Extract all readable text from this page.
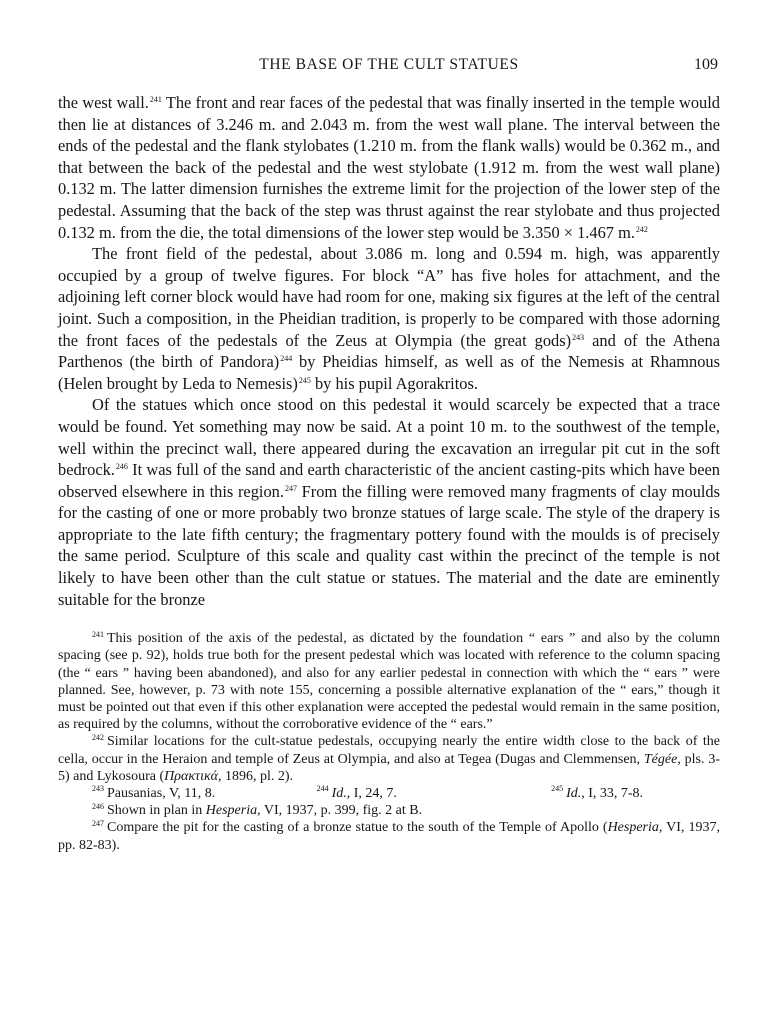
THE BASE OF THE CULT STATUES	109

the west wall.$^{241}$ The front and rear faces of the pedestal that was finally inserted in the temple would then lie at distances of 3.246 m. and 2.043 m. from the west wall plane. The interval between the ends of the pedestal and the flank stylobates (1.210 m. from the flank walls) would be 0.362 m., and that between the back of the pedestal and the west stylobate (1.912 m. from the west wall plane) 0.132 m. The latter dimension furnishes the extreme limit for the projection of the lower step of the pedestal. Assuming that the back of the step was thrust against the rear stylobate and thus projected 0.132 m. from the die, the total dimensions of the lower step would be 3.350 × 1.467 m.$^{242}$

The front field of the pedestal, about 3.086 m. long and 0.594 m. high, was apparently occupied by a group of twelve figures. For block “A” has five holes for attachment, and the adjoining left corner block would have had room for one, making six figures at the left of the central joint. Such a composition, in the Pheidian tradition, is properly to be compared with those adorning the front faces of the pedestals of the Zeus at Olympia (the great gods)$^{243}$ and of the Athena Parthenos (the birth of Pandora)$^{244}$ by Pheidias himself, as well as of the Nemesis at Rhamnous (Helen brought by Leda to Nemesis)$^{245}$ by his pupil Agorakritos.

Of the statues which once stood on this pedestal it would scarcely be expected that a trace would be found. Yet something may now be said. At a point 10 m. to the southwest of the temple, well within the precinct wall, there appeared during the excavation an irregular pit cut in the soft bedrock.$^{246}$ It was full of the sand and earth characteristic of the ancient casting-pits which have been observed elsewhere in this region.$^{247}$ From the filling were removed many fragments of clay moulds for the casting of one or more probably two bronze statues of large scale. The style of the drapery is appropriate to the late fifth century; the fragmentary pottery found with the moulds is of precisely the same period. Sculpture of this scale and quality cast within the precinct of the temple is not likely to have been other than the cult statue or statues. The material and the date are eminently suitable for the bronze

$^{241}$ This position of the axis of the pedestal, as dictated by the foundation “ ears ” and also by the column spacing (see p. 92), holds true both for the present pedestal which was located with reference to the column spacing (the “ ears ” having been abandoned), and also for any earlier pedestal in connection with which the “ ears ” were planned. See, however, p. 73 with note 155, concerning a possible alternative explanation of the “ ears,” though it must be pointed out that even if this other explanation were accepted the pedestal would remain in the same position, as required by the columns, without the corroborative evidence of the “ ears.”

$^{242}$ Similar locations for the cult-statue pedestals, occupying nearly the entire width close to the back of the cella, occur in the Heraion and temple of Zeus at Olympia, and also at Tegea (Dugas and Clemmensen, Tégée, pls. 3-5) and Lykosoura (Πρακτικά, 1896, pl. 2).

$^{243}$ Pausanias, V, 11, 8.	$^{244}$ Id., I, 24, 7.	$^{245}$ Id., I, 33, 7-8.

$^{246}$ Shown in plan in Hesperia, VI, 1937, p. 399, fig. 2 at B.

$^{247}$ Compare the pit for the casting of a bronze statue to the south of the Temple of Apollo (Hesperia, VI, 1937, pp. 82-83).
